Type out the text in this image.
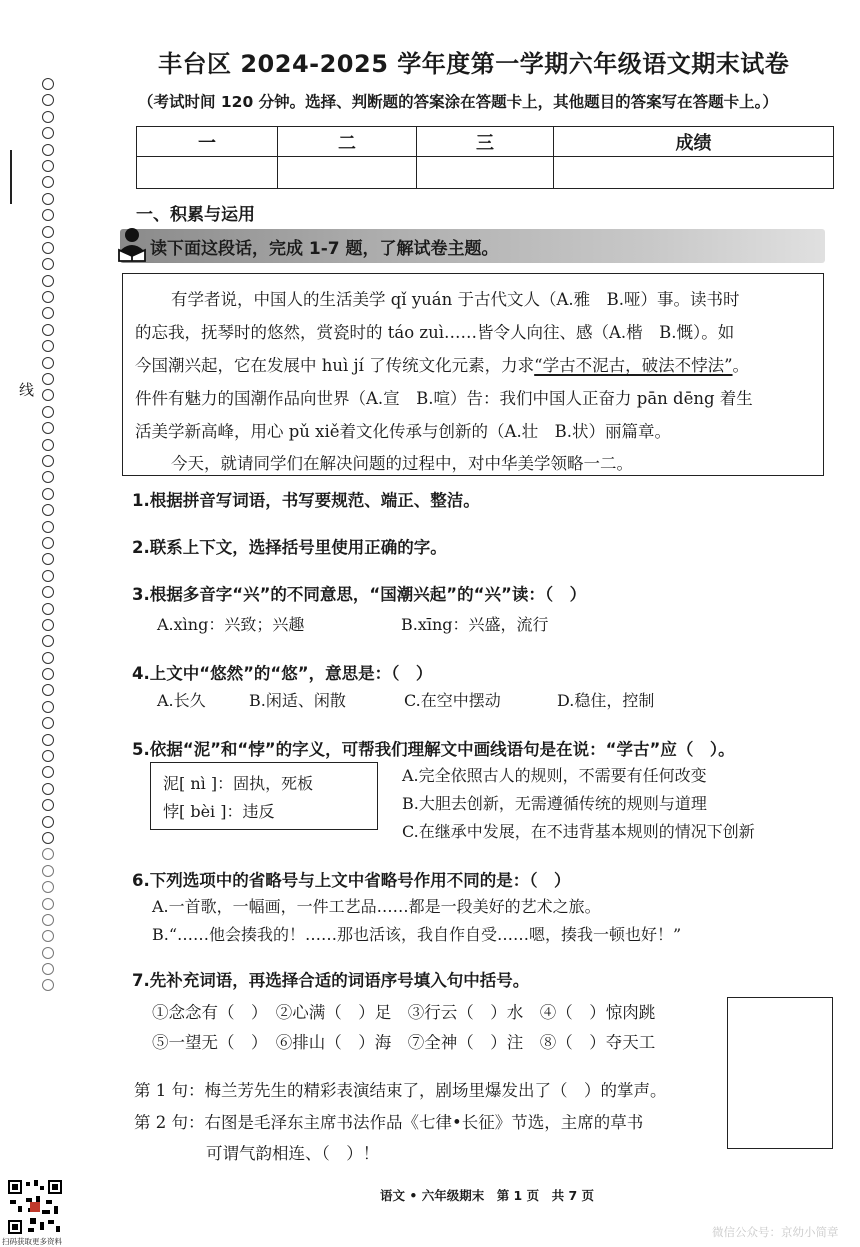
线
丰台区 2024-2025 学年度第一学期六年级语文期末试卷
（考试时间 120 分钟。选择、判断题的答案涂在答题卡上，其他题目的答案写在答题卡上。）
一	二	三	成绩

一、积累与运用
读下面这段话，完成 1-7 题，了解试卷主题。
有学者说，中国人的生活美学 qǐ yuán 于古代文人（A.雅　B.哑）事。读书时
的忘我，抚琴时的悠然，赏瓷时的 táo zuì……皆令人向往、感（A.楷　B.慨）。如
今国潮兴起，它在发展中 huì jí 了传统文化元素，力求“学古不泥古，破法不悖法”。
件件有魅力的国潮作品向世界（A.宣　B.喧）告：我们中国人正奋力 pān dēng 着生
活美学新高峰，用心 pǔ xiě着文化传承与创新的（A.壮　B.状）丽篇章。
今天，就请同学们在解决问题的过程中，对中华美学领略一二。
1.根据拼音写词语，书写要规范、端正、整洁。
2.联系上下文，选择括号里使用正确的字。
3.根据多音字“兴”的不同意思，“国潮兴起”的“兴”读：（　）
A.xìng：兴致；兴趣	B.xīng：兴盛，流行
4.上文中“悠然”的“悠”，意思是：（　）
A.长久	B.闲适、闲散	C.在空中摆动	D.稳住，控制
5.依据“泥”和“悖”的字义，可帮我们理解文中画线语句是在说：“学古”应（　）。
泥[ nì ]：固执，死板
悖[ bèi ]：违反
A.完全依照古人的规则，不需要有任何改变
B.大胆去创新，无需遵循传统的规则与道理
C.在继承中发展，在不违背基本规则的情况下创新
6.下列选项中的省略号与上文中省略号作用不同的是：（　）
A.一首歌，一幅画，一件工艺品……都是一段美好的艺术之旅。
B.“……他会揍我的！……那也活该，我自作自受……嗯，揍我一顿也好！”
7.先补充词语，再选择合适的词语序号填入句中括号。
①念念有（　）　②心满（　）足　③行云（　）水　④（　）惊肉跳
⑤一望无（　）　⑥排山（　）海　⑦全神（　）注　⑧（　）夺天工
第 1 句：梅兰芳先生的精彩表演结束了，剧场里爆发出了（　）的掌声。
第 2 句：右图是毛泽东主席书法作品《七律•长征》节选，主席的草书
可谓气韵相连、（　）！
语文 • 六年级期末　第 1 页　共 7 页
扫码获取更多资料
微信公众号：京幼小简章
